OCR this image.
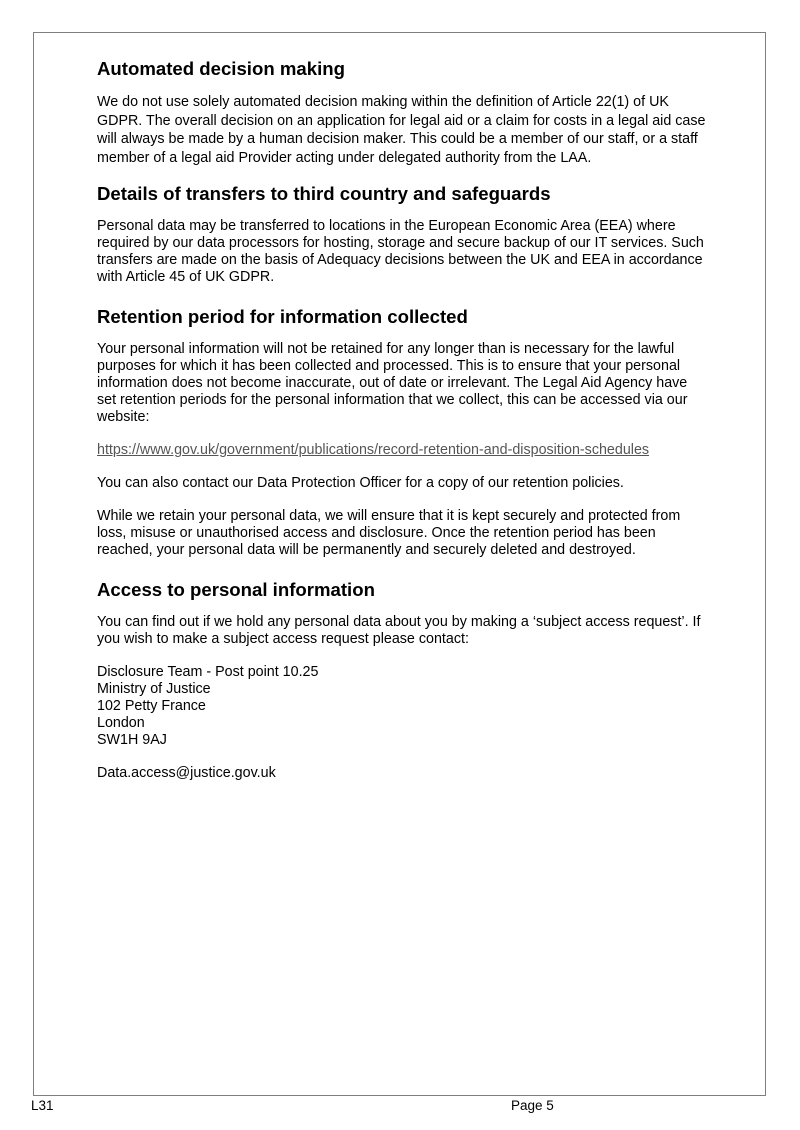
Automated decision making

We do not use solely automated decision making within the definition of Article 22(1) of UK GDPR. The overall decision on an application for legal aid or a claim for costs in a legal aid case will always be made by a human decision maker. This could be a member of our staff, or a staff member of a legal aid Provider acting under delegated authority from the LAA.

Details of transfers to third country and safeguards

Personal data may be transferred to locations in the European Economic Area (EEA) where required by our data processors for hosting, storage and secure backup of our IT services. Such transfers are made on the basis of Adequacy decisions between the UK and EEA in accordance with Article 45 of UK GDPR.

Retention period for information collected

Your personal information will not be retained for any longer than is necessary for the lawful purposes for which it has been collected and processed. This is to ensure that your personal information does not become inaccurate, out of date or irrelevant. The Legal Aid Agency have set retention periods for the personal information that we collect, this can be accessed via our website:

https://www.gov.uk/government/publications/record-retention-and-disposition-schedules

You can also contact our Data Protection Officer for a copy of our retention policies.

While we retain your personal data, we will ensure that it is kept securely and protected from loss, misuse or unauthorised access and disclosure. Once the retention period has been reached, your personal data will be permanently and securely deleted and destroyed.

Access to personal information

You can find out if we hold any personal data about you by making a ‘subject access request’. If you wish to make a subject access request please contact:

Disclosure Team - Post point 10.25
Ministry of Justice
102 Petty France
London
SW1H 9AJ

Data.access@justice.gov.uk

L31	Page 5
